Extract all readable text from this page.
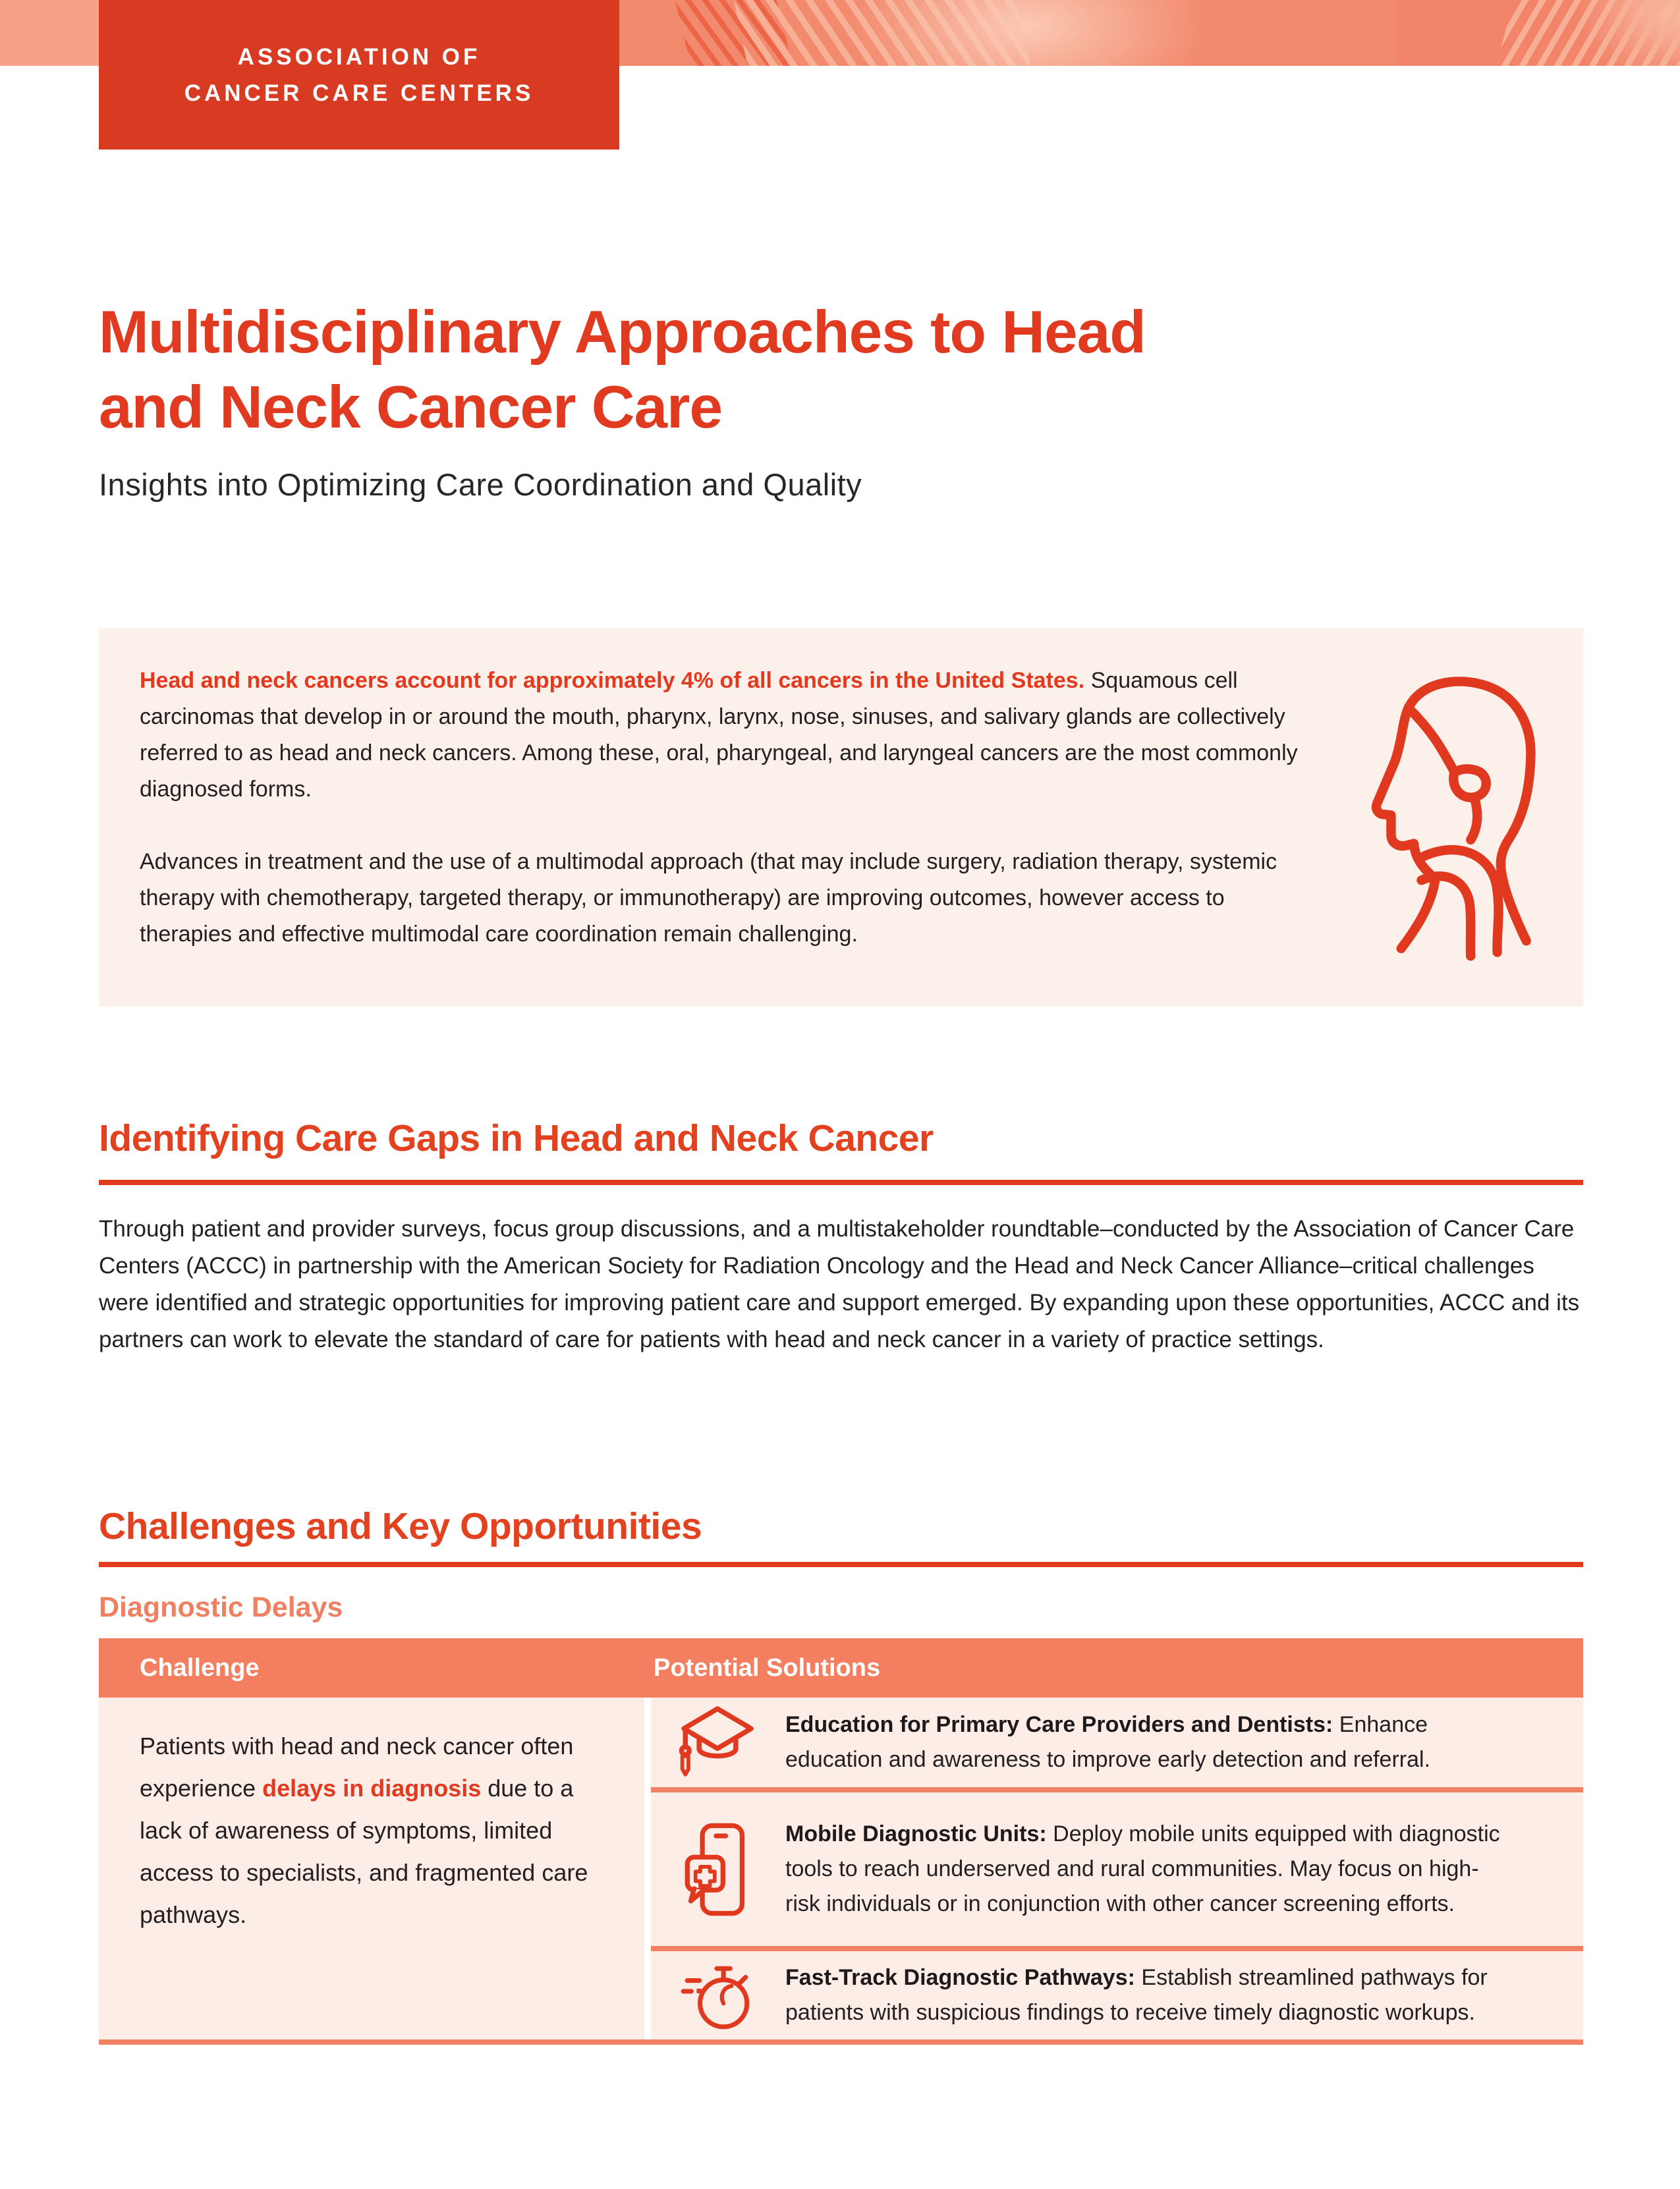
ASSOCIATION OF
CANCER CARE CENTERS
Multidisciplinary Approaches to Head
and Neck Cancer Care
Insights into Optimizing Care Coordination and Quality
Head and neck cancers account for approximately 4% of all cancers in the United States. Squamous cell carcinomas that develop in or around the mouth, pharynx, larynx, nose, sinuses, and salivary glands are collectively referred to as head and neck cancers. Among these, oral, pharyngeal, and laryngeal cancers are the most commonly diagnosed forms.
Advances in treatment and the use of a multimodal approach (that may include surgery, radiation therapy, systemic therapy with chemotherapy, targeted therapy, or immunotherapy) are improving outcomes, however access to therapies and effective multimodal care coordination remain challenging.
Identifying Care Gaps in Head and Neck Cancer
Through patient and provider surveys, focus group discussions, and a multistakeholder roundtable–conducted by the Association of Cancer Care Centers (ACCC) in partnership with the American Society for Radiation Oncology and the Head and Neck Cancer Alliance–critical challenges were identified and strategic opportunities for improving patient care and support emerged. By expanding upon these opportunities, ACCC and its partners can work to elevate the standard of care for patients with head and neck cancer in a variety of practice settings.
Challenges and Key Opportunities
Diagnostic Delays
Challenge	Potential Solutions
Patients with head and neck cancer often experience delays in diagnosis due to a lack of awareness of symptoms, limited access to specialists, and fragmented care pathways.
Education for Primary Care Providers and Dentists: Enhance education and awareness to improve early detection and referral.
Mobile Diagnostic Units: Deploy mobile units equipped with diagnostic tools to reach underserved and rural communities. May focus on high-risk individuals or in conjunction with other cancer screening efforts.
Fast-Track Diagnostic Pathways: Establish streamlined pathways for patients with suspicious findings to receive timely diagnostic workups.
